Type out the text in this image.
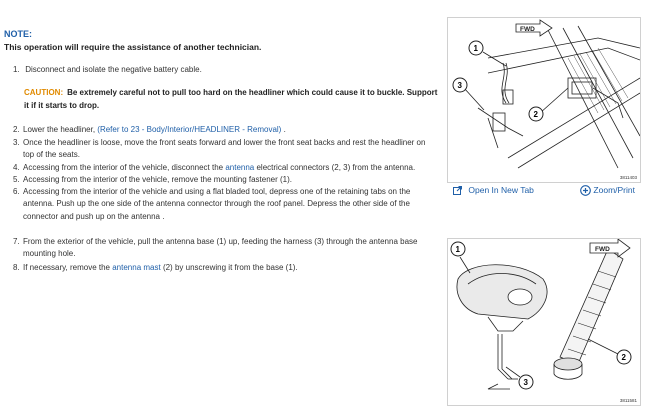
NOTE:
This operation will require the assistance of another technician.
1. Disconnect and isolate the negative battery cable.
CAUTION: Be extremely careful not to pull too hard on the headliner which could cause it to buckle. Support it if it starts to drop.
2. Lower the headliner, (Refer to 23 - Body/Interior/HEADLINER - Removal) .
3. Once the headliner is loose, move the front seats forward and lower the front seat backs and rest the headliner on
top of the seats.
4. Accessing from the interior of the vehicle, disconnect the antenna electrical connectors (2, 3) from the antenna.
5. Accessing from the interior of the vehicle, remove the mounting fastener (1).
6. Accessing from the interior of the vehicle and using a flat bladed tool, depress one of the retaining tabs on the
antenna. Push up the one side of the antenna connector through the roof panel. Depress the other side of the
connector and push up on the antenna .
7. From the exterior of the vehicle, pull the antenna base (1) up, feeding the harness (3) through the antenna base
mounting hole.
8. If necessary, remove the antenna mast (2) by unscrewing it from the base (1).
FWD
1
3
2
3811403
Open In New Tab	Zoom/Print
FWD
1
2
3
3811581
